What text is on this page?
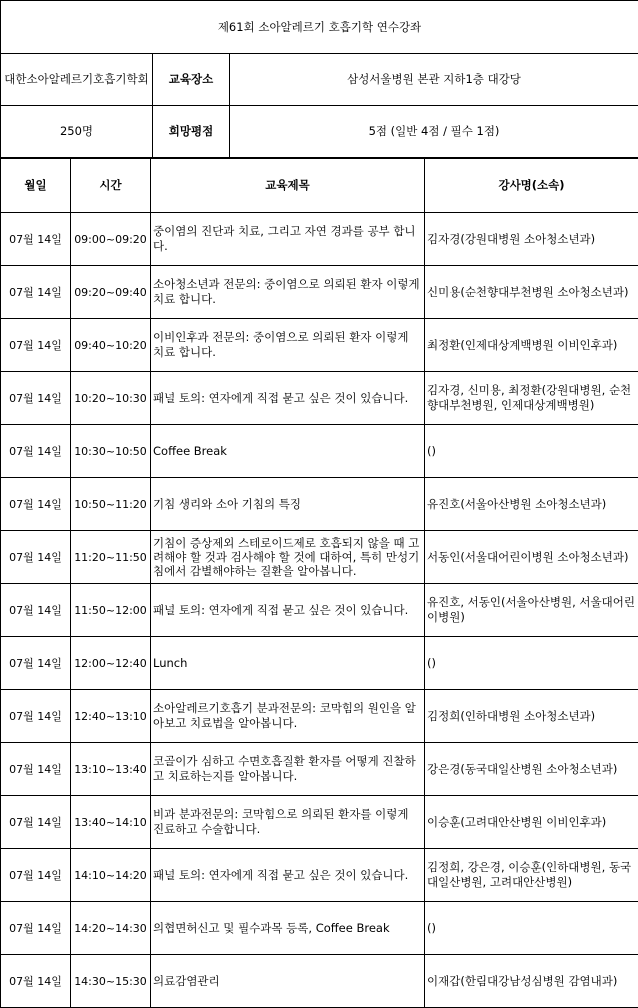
제61회 소아알레르기 호흡기학 연수강좌		
대한소아알레르기호흡기학회	교육장소	삼성서울병원 본관 지하1층 대강당
250명	희망평점	5점 (일반 4점 / 필수 1점)
월일	시간	교육제목	강사명(소속)
07월 14일	09:00~09:20	중이염의 진단과 치료, 그리고 자연 경과를 공부 합니다.	김자경(강원대병원 소아청소년과)

07월 14일	09:20~09:40	소아청소년과 전문의: 중이염으로 의뢰된 환자 이렇게 치료 합니다.	신미용(순천향대부천병원 소아청소년과)

07월 14일	09:40~10:20	이비인후과 전문의: 중이염으로 의뢰된 환자 이렇게 치료 합니다.	최정환(인제대상계백병원 이비인후과)

07월 14일	10:20~10:30	패널 토의: 연자에게 직접 묻고 싶은 것이 있습니다.	김자경, 신미용, 최정환(강원대병원, 순천향대부천병원, 인제대상계백병원)

07월 14일	10:30~10:50	Coffee Break	()

07월 14일	10:50~11:20	기침 생리와 소아 기침의 특징	유진호(서울아산병원 소아청소년과)

07월 14일	11:20~11:50	기침이 증상제외 스테로이드제로 호흡되지 않을 때 고려해야 할 것과 검사해야 할 것에 대하여, 특히 만성기침에서 감별해야하는 질환을 알아봅니다.	서동인(서울대어린이병원 소아청소년과)

07월 14일	11:50~12:00	패널 토의: 연자에게 직접 묻고 싶은 것이 있습니다.	유진호, 서동인(서울아산병원, 서울대어린이병원)

07월 14일	12:00~12:40	Lunch	()

07월 14일	12:40~13:10	소아알레르기호흡기 분과전문의: 코막힘의 원인을 알아보고 치료법을 알아봅니다.	김정희(인하대병원 소아청소년과)

07월 14일	13:10~13:40	코골이가 심하고 수면호흡질환 환자를 어떻게 진찰하고 치료하는지를 알아봅니다.	강은경(동국대일산병원 소아청소년과)

07월 14일	13:40~14:10	비과 분과전문의: 코막힘으로 의뢰된 환자를 이렇게 진료하고 수술합니다.	이승훈(고려대안산병원 이비인후과)

07월 14일	14:10~14:20	패널 토의: 연자에게 직접 묻고 싶은 것이 있습니다.	김정희, 강은경, 이승훈(인하대병원, 동국대일산병원, 고려대안산병원)

07월 14일	14:20~14:30	의협면허신고 및 필수과목 등록, Coffee Break	()

07월 14일	14:30~15:30	의료감염관리	이재갑(한림대강남성심병원 감염내과)
